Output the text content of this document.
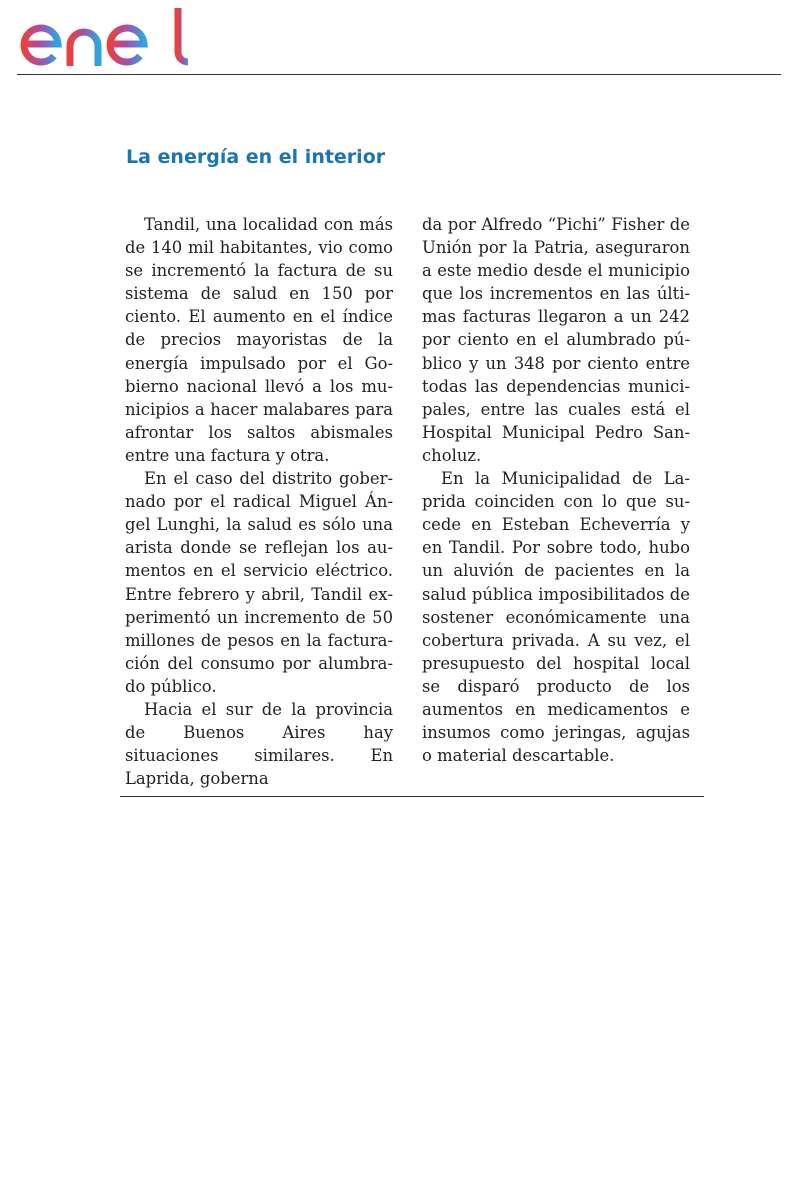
La energía en el interior

Tandil, una localidad con más de 140 mil habitantes, vio como se incrementó la factura de su sistema de salud en 150 por ciento. El aumento en el índice de precios mayoristas de la energía impulsado por el Gobierno nacional llevó a los municipios a hacer malabares para afrontar los saltos abismales entre una factura y otra.

En el caso del distrito gobernado por el radical Miguel Ángel Lunghi, la salud es sólo una arista donde se reflejan los aumentos en el servicio eléctrico. Entre febrero y abril, Tandil experimentó un incremento de 50 millones de pesos en la facturación del consumo por alumbrado público.

Hacia el sur de la provincia de Buenos Aires hay situaciones similares. En Laprida, goberna

da por Alfredo “Pichi” Fisher de Unión por la Patria, aseguraron a este medio desde el municipio que los incrementos en las últimas facturas llegaron a un 242 por ciento en el alumbrado público y un 348 por ciento entre todas las dependencias municipales, entre las cuales está el Hospital Municipal Pedro Sancholuz.

En la Municipalidad de Laprida coinciden con lo que sucede en Esteban Echeverría y en Tandil. Por sobre todo, hubo un aluvión de pacientes en la salud pública imposibilitados de sostener económicamente una cobertura privada. A su vez, el presupuesto del hospital local se disparó producto de los aumentos en medicamentos e insumos como jeringas, agujas o material descartable.
